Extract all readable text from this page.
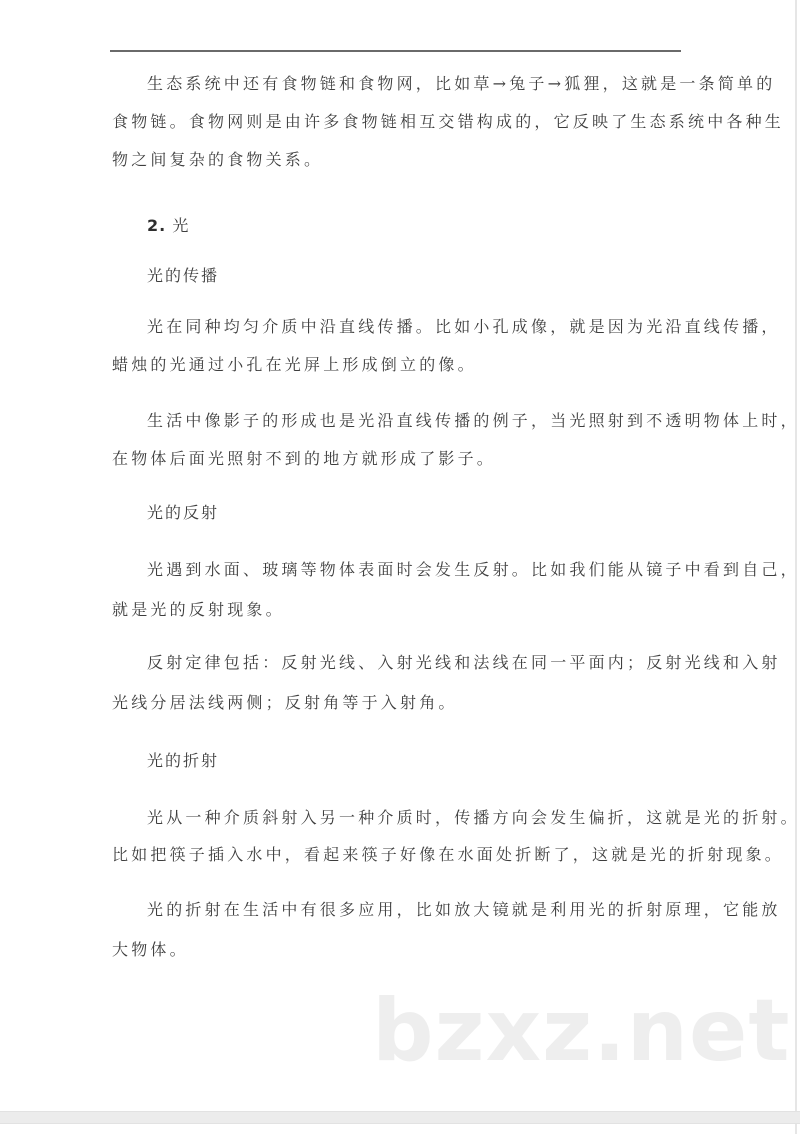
生态系统中还有食物链和食物网，比如草→兔子→狐狸，这就是一条简单的
食物链。食物网则是由许多食物链相互交错构成的，它反映了生态系统中各种生
物之间复杂的食物关系。
2. 光
光的传播
光在同种均匀介质中沿直线传播。比如小孔成像，就是因为光沿直线传播，
蜡烛的光通过小孔在光屏上形成倒立的像。
生活中像影子的形成也是光沿直线传播的例子，当光照射到不透明物体上时，
在物体后面光照射不到的地方就形成了影子。
光的反射
光遇到水面、玻璃等物体表面时会发生反射。比如我们能从镜子中看到自己，
就是光的反射现象。
反射定律包括：反射光线、入射光线和法线在同一平面内；反射光线和入射
光线分居法线两侧；反射角等于入射角。
光的折射
光从一种介质斜射入另一种介质时，传播方向会发生偏折，这就是光的折射。
比如把筷子插入水中，看起来筷子好像在水面处折断了，这就是光的折射现象。
光的折射在生活中有很多应用，比如放大镜就是利用光的折射原理，它能放
大物体。
bzxz.net
